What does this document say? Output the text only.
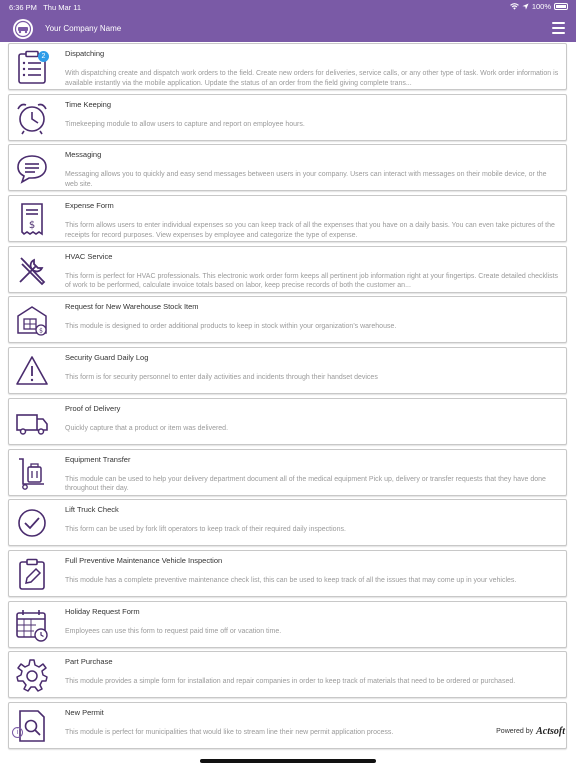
6:36 PM Thu Mar 11	100%
Your Company Name
2	Dispatching
With dispatching create and dispatch work orders to the field. Create new orders for deliveries, service calls, or any other type of task. Work order information is available instantly via the mobile application. Update the status of an order from the field giving complete trans...
Time Keeping
Timekeeping module to allow users to capture and report on employee hours.
Messaging
Messaging allows you to quickly and easy send messages between users in your company. Users can interact with messages on their mobile device, or the web site.
$
Expense Form
This form allows users to enter individual expenses so you can keep track of all the expenses that you have on a daily basis. You can even take pictures of the receipts for record purposes. View expenses by employee and categorize the type of expense.
HVAC Service
This form is perfect for HVAC professionals. This electronic work order form keeps all pertinent job information right at your fingertips. Create detailed checklists of work to be performed, calculate invoice totals based on labor, keep precise records of both the customer an...
$
Request for New Warehouse Stock Item
This module is designed to order additional products to keep in stock within your organization's warehouse.
Security Guard Daily Log
This form is for security personnel to enter daily activities and incidents through their handset devices
Proof of Delivery
Quickly capture that a product or item was delivered.
Equipment Transfer
This module can be used to help your delivery department document all of the medical equipment Pick up, delivery or transfer requests that they have done throughout their day.
Lift Truck Check
This form can be used by fork lift operators to keep track of their required daily inspections.
Full Preventive Maintenance Vehicle Inspection
This module has a complete preventive maintenance check list, this can be used to keep track of all the issues that may come up in your vehicles.
Holiday Request Form
Employees can use this form to request paid time off or vacation time.
Part Purchase
This module provides a simple form for installation and repair companies in order to keep track of materials that need to be ordered or purchased.
New Permit
This module is perfect for municipalities that would like to stream line their new permit application process.
i	Powered by Actsoft
